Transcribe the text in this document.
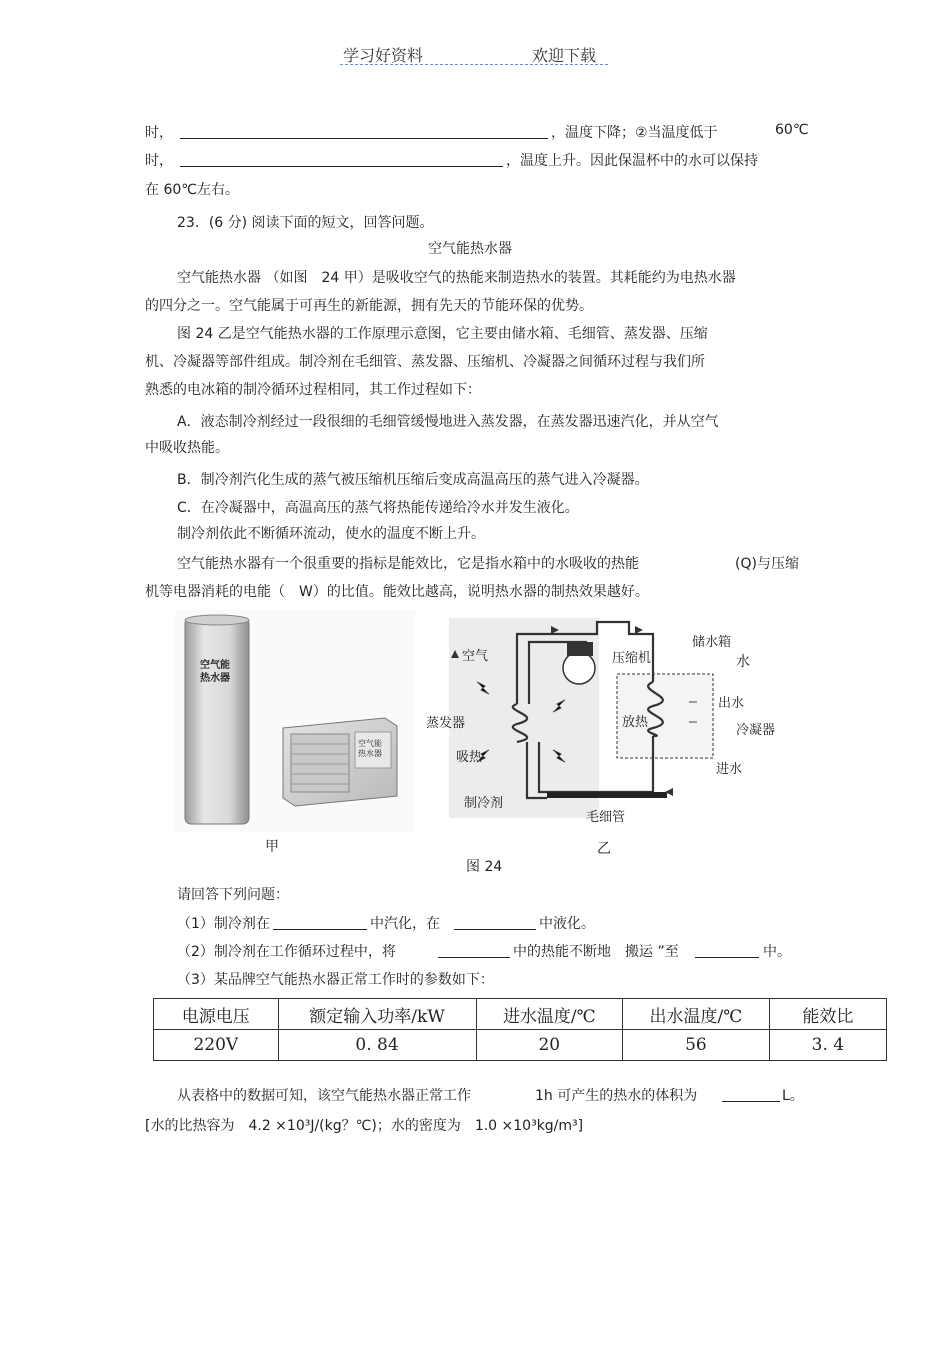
学习好资料	欢迎下载
时，	，温度下降；②当温度低于	60℃
时，	，温度上升。因此保温杯中的水可以保持
在 60℃左右。
23．(6 分) 阅读下面的短文，回答问题。
空气能热水器
空气能热水器 （如图　24 甲）是吸收空气的热能来制造热水的装置。其耗能约为电热水器
的四分之一。空气能属于可再生的新能源，拥有先天的节能环保的优势。
图 24 乙是空气能热水器的工作原理示意图，它主要由储水箱、毛细管、蒸发器、压缩
机、冷凝器等部件组成。制冷剂在毛细管、蒸发器、压缩机、冷凝器之间循环过程与我们所
熟悉的电冰箱的制冷循环过程相同，其工作过程如下：
A．液态制冷剂经过一段很细的毛细管缓慢地进入蒸发器，在蒸发器迅速汽化，并从空气
中吸收热能。
B．制冷剂汽化生成的蒸气被压缩机压缩后变成高温高压的蒸气进入冷凝器。
C．在冷凝器中，高温高压的蒸气将热能传递给冷水并发生液化。
制冷剂依此不断循环流动，使水的温度不断上升。
空气能热水器有一个很重要的指标是能效比，它是指水箱中的水吸收的热能	(Q)与压缩
机等电器消耗的电能（　W）的比值。能效比越高，说明热水器的制热效果越好。
空气能
热水器
空气能
热水器
空气	压缩机
储水箱
水
蒸发器
出水
放热
冷凝器
吸热
进水
制冷剂
毛细管
甲	乙
图 24
请回答下列问题：
（1）制冷剂在	中汽化，在	中液化。
（2）制冷剂在工作循环过程中，将	中的热能不断地　搬运 ”至	中。
（3）某品牌空气能热水器正常工作时的参数如下：
电源电压	额定输入功率/kW	进水温度/℃	出水温度/℃	能效比
220V	0. 84	20	56	3. 4
从表格中的数据可知，该空气能热水器正常工作	1h 可产生的热水的体积为	L。
[水的比热容为　4.2 ×10³J/(kg？℃)；水的密度为　1.0 ×10³kg/m³]
